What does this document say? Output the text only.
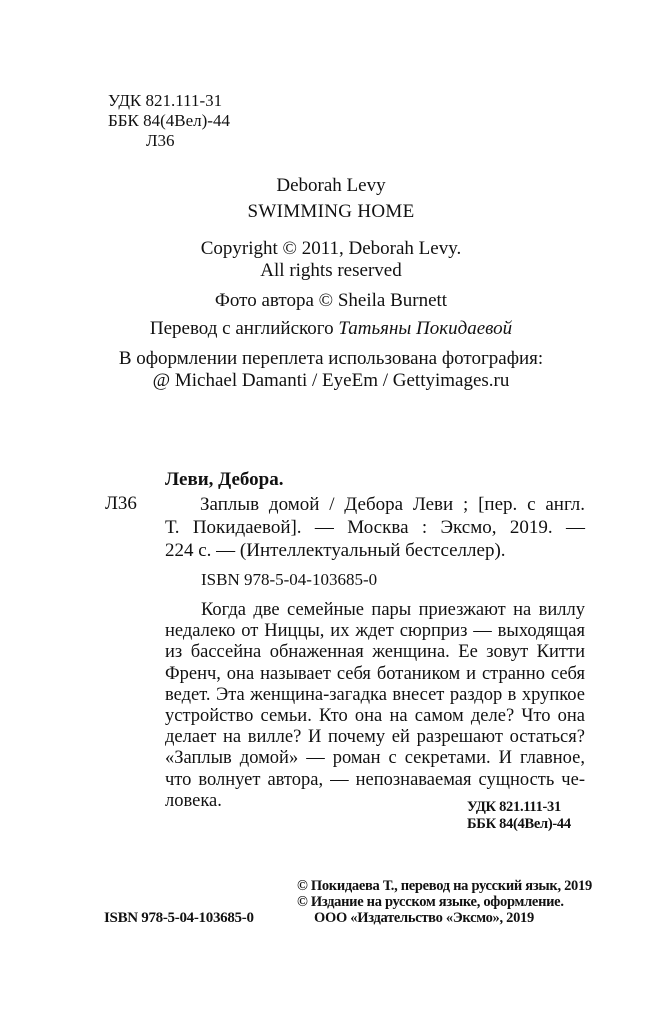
УДК 821.111-31
ББК 84(4Вел)-44
Л36
Deborah Levy
SWIMMING HOME
Copyright © 2011, Deborah Levy.
All rights reserved
Фото автора © Sheila Burnett
Перевод с английского Татьяны Покидаевой
В оформлении переплета использована фотография:
@ Michael Damanti / EyeEm / Gettyimages.ru
Леви, Дебора.
Л36	Заплыв домой / Дебора Леви ; [пер. с англ.
Т. Покидаевой]. — Москва : Эксмо, 2019. —
224 с. — (Интеллектуальный бестселлер).
ISBN 978-5-04-103685-0
Когда две семейные пары приезжают на виллу
недалеко от Ниццы, их ждет сюрприз — выходящая
из бассейна обнаженная женщина. Ее зовут Китти
Френч, она называет себя ботаником и странно себя
ведет. Эта женщина-загадка внесет раздор в хрупкое
устройство семьи. Кто она на самом деле? Что она
делает на вилле? И почему ей разрешают остаться?
«Заплыв домой» — роман с секретами. И главное,
что волнует автора, — непознаваемая сущность че-
ловека.	УДК 821.111-31
ББК 84(4Вел)-44
ISBN 978-5-04-103685-0
© Покидаева Т., перевод на русский язык, 2019
© Издание на русском языке, оформление.
ООО «Издательство «Эксмо», 2019
